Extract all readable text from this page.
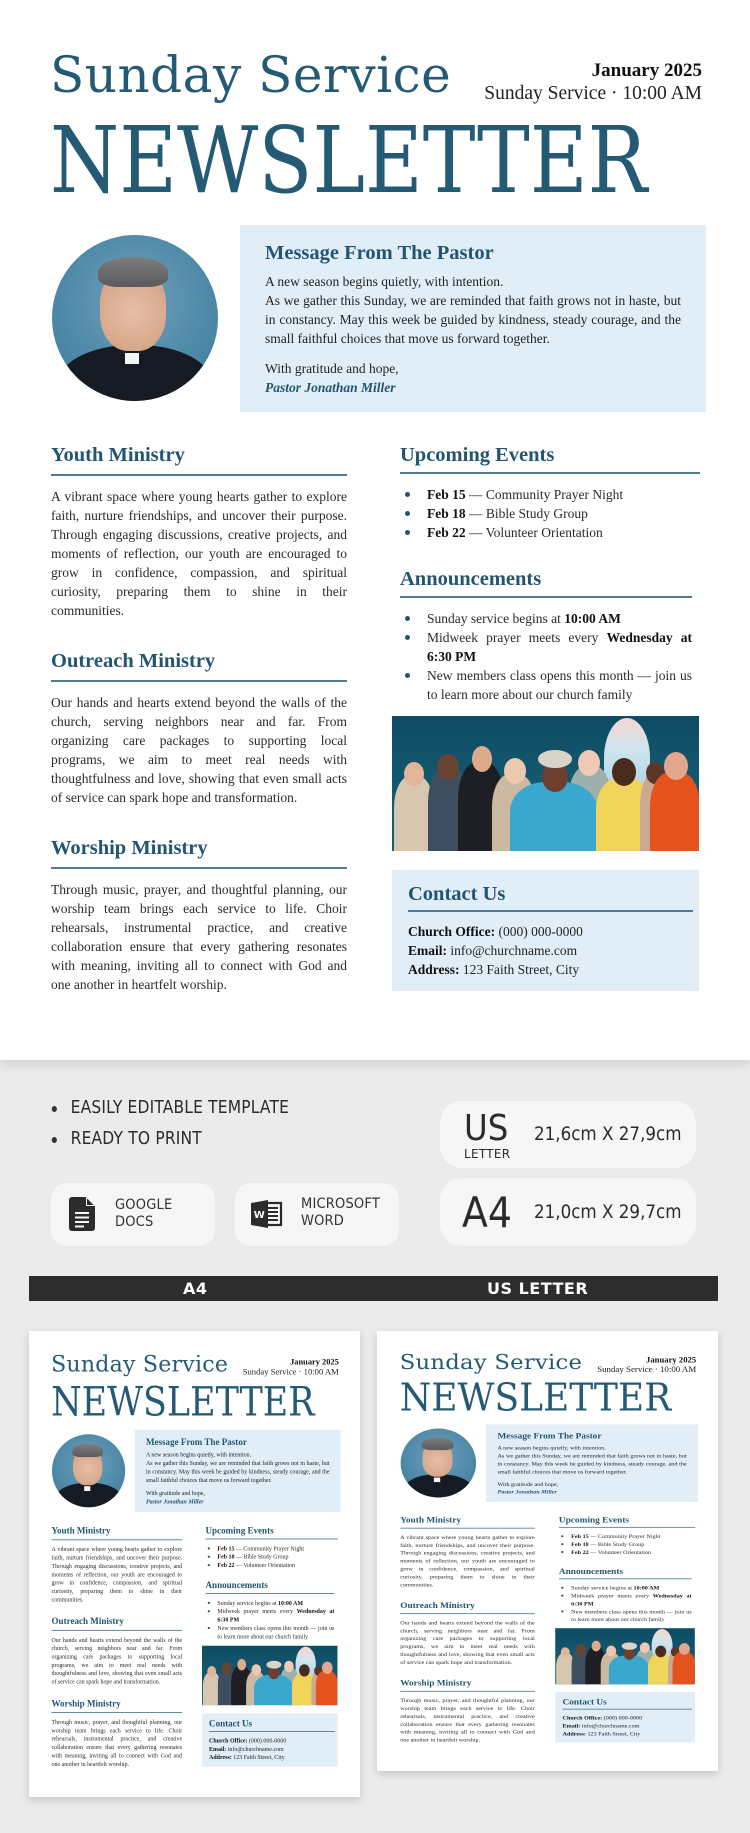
Sunday Service	January 2025
Sunday Service · 10:00 AM
NEWSLETTER
Message From The Pastor
A new season begins quietly, with intention.
As we gather this Sunday, we are reminded that faith grows not in haste, but in constancy. May this week be guided by kindness, steady courage, and the small faithful choices that move us forward together.
With gratitude and hope,
Pastor Jonathan Miller
Youth Ministry
A vibrant space where young hearts gather to explore faith, nurture friendships, and uncover their purpose. Through engaging discussions, creative projects, and moments of reflection, our youth are encouraged to grow in confidence, compassion, and spiritual curiosity, preparing them to shine in their communities.
Outreach Ministry
Our hands and hearts extend beyond the walls of the church, serving neighbors near and far. From organizing care packages to supporting local programs, we aim to meet real needs with thoughtfulness and love, showing that even small acts of service can spark hope and transformation.
Worship Ministry
Through music, prayer, and thoughtful planning, our worship team brings each service to life. Choir rehearsals, instrumental practice, and creative collaboration ensure that every gathering resonates with meaning, inviting all to connect with God and one another in heartfelt worship.
Upcoming Events
Feb 15 — Community Prayer Night
Feb 18 — Bible Study Group
Feb 22 — Volunteer Orientation
Announcements
Sunday service begins at 10:00 AM
Midweek prayer meets every Wednesday at 6:30 PM
New members class opens this month — join us to learn more about our church family
Contact Us
Church Office: (000) 000-0000
Email: info@churchname.com
Address: 123 Faith Street, City
EASILY EDITABLE TEMPLATE
READY TO PRINT
GOOGLE
DOCS	W
MICROSOFT
WORD
US
LETTER
21,6cm X 27,9cm
A4 21,0cm X 29,7cm
A4	US LETTER
Sunday Service	January 2025
Sunday Service · 10:00 AM
NEWSLETTER
Message From The Pastor
A new season begins quietly, with intention.
As we gather this Sunday, we are reminded that faith grows not in haste, but in constancy. May this week be guided by kindness, steady courage, and the small faithful choices that move us forward together.
With gratitude and hope,
Pastor Jonathan Miller
Youth Ministry
A vibrant space where young hearts gather to explore faith, nurture friendships, and uncover their purpose. Through engaging discussions, creative projects, and moments of reflection, our youth are encouraged to grow in confidence, compassion, and spiritual curiosity, preparing them to shine in their communities.
Outreach Ministry
Our hands and hearts extend beyond the walls of the church, serving neighbors near and far. From organizing care packages to supporting local programs, we aim to meet real needs with thoughtfulness and love, showing that even small acts of service can spark hope and transformation.
Worship Ministry
Through music, prayer, and thoughtful planning, our worship team brings each service to life. Choir rehearsals, instrumental practice, and creative collaboration ensure that every gathering resonates with meaning, inviting all to connect with God and one another in heartfelt worship.
Upcoming Events
Feb 15 — Community Prayer Night
Feb 18 — Bible Study Group
Feb 22 — Volunteer Orientation
Announcements
Sunday service begins at 10:00 AM
Midweek prayer meets every Wednesday at 6:30 PM
New members class opens this month — join us to learn more about our church family
Contact Us
Church Office: (000) 000-0000
Email: info@churchname.com
Address: 123 Faith Street, City
Sunday Service	January 2025
Sunday Service · 10:00 AM
NEWSLETTER
Message From The Pastor
A new season begins quietly, with intention.
As we gather this Sunday, we are reminded that faith grows not in haste, but in constancy. May this week be guided by kindness, steady courage, and the small faithful choices that move us forward together.
With gratitude and hope,
Pastor Jonathan Miller
Youth Ministry
A vibrant space where young hearts gather to explore faith, nurture friendships, and uncover their purpose. Through engaging discussions, creative projects, and moments of reflection, our youth are encouraged to grow in confidence, compassion, and spiritual curiosity, preparing them to shine in their communities.
Outreach Ministry
Our hands and hearts extend beyond the walls of the church, serving neighbors near and far. From organizing care packages to supporting local programs, we aim to meet real needs with thoughtfulness and love, showing that even small acts of service can spark hope and transformation.
Worship Ministry
Through music, prayer, and thoughtful planning, our worship team brings each service to life. Choir rehearsals, instrumental practice, and creative collaboration ensure that every gathering resonates with meaning, inviting all to connect with God and one another in heartfelt worship.
Upcoming Events
Feb 15 — Community Prayer Night
Feb 18 — Bible Study Group
Feb 22 — Volunteer Orientation
Announcements
Sunday service begins at 10:00 AM
Midweek prayer meets every Wednesday at 6:30 PM
New members class opens this month — join us to learn more about our church family
Contact Us
Church Office: (000) 000-0000
Email: info@churchname.com
Address: 123 Faith Street, City
